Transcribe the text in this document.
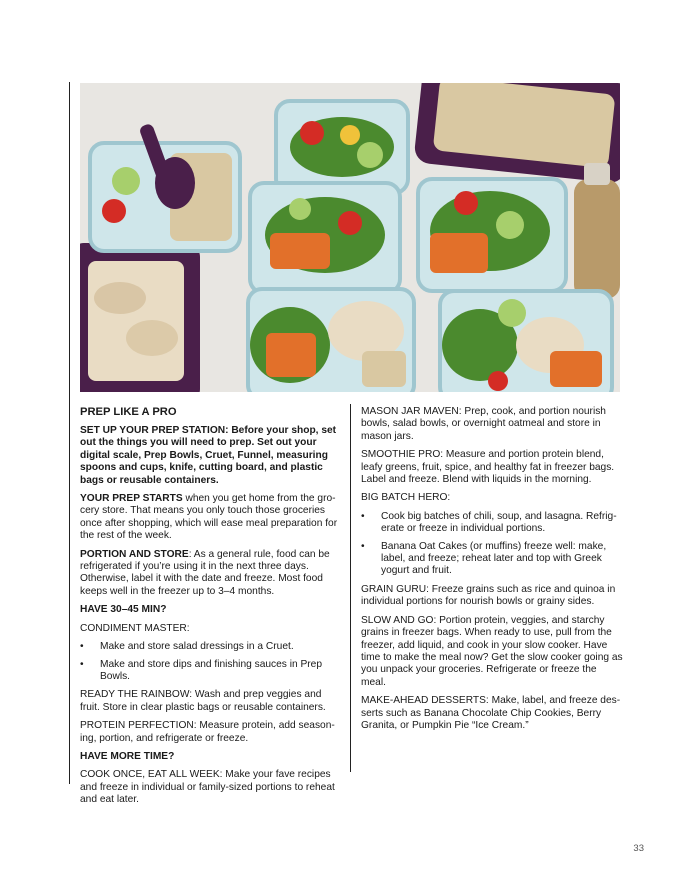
PREP LIKE A PRO

SET UP YOUR PREP STATION: Before your shop, set out the things you will need to prep. Set out your digital scale, Prep Bowls, Cruet, Funnel, measuring spoons and cups, knife, cutting board, and plastic bags or reusable containers.

YOUR PREP STARTS when you get home from the grocery store. That means you only touch those groceries once after shopping, which will ease meal preparation for the rest of the week.

PORTION AND STORE: As a general rule, food can be refrigerated if you’re using it in the next three days. Otherwise, label it with the date and freeze. Most food keeps well in the freezer up to 3–4 months.

HAVE 30–45 MIN?

CONDIMENT MASTER:

• Make and store salad dressings in a Cruet.
• Make and store dips and finishing sauces in Prep Bowls.

READY THE RAINBOW: Wash and prep veggies and fruit. Store in clear plastic bags or reusable containers.

PROTEIN PERFECTION: Measure protein, add seasoning, portion, and refrigerate or freeze.

HAVE MORE TIME?

COOK ONCE, EAT ALL WEEK: Make your fave recipes and freeze in individual or family-sized portions to reheat and eat later.

MASON JAR MAVEN: Prep, cook, and portion nourish bowls, salad bowls, or overnight oatmeal and store in mason jars.

SMOOTHIE PRO: Measure and portion protein blend, leafy greens, fruit, spice, and healthy fat in freezer bags. Label and freeze. Blend with liquids in the morning.

BIG BATCH HERO:

• Cook big batches of chili, soup, and lasagna. Refrigerate or freeze in individual portions.
• Banana Oat Cakes (or muffins) freeze well: make, label, and freeze; reheat later and top with Greek yogurt and fruit.

GRAIN GURU: Freeze grains such as rice and quinoa in individual portions for nourish bowls or grainy sides.

SLOW AND GO: Portion protein, veggies, and starchy grains in freezer bags. When ready to use, pull from the freezer, add liquid, and cook in your slow cooker. Have time to make the meal now? Get the slow cooker going as you unpack your groceries. Refrigerate or freeze the meal.

MAKE-AHEAD DESSERTS: Make, label, and freeze desserts such as Banana Chocolate Chip Cookies, Berry Granita, or Pumpkin Pie “Ice Cream.”

33
